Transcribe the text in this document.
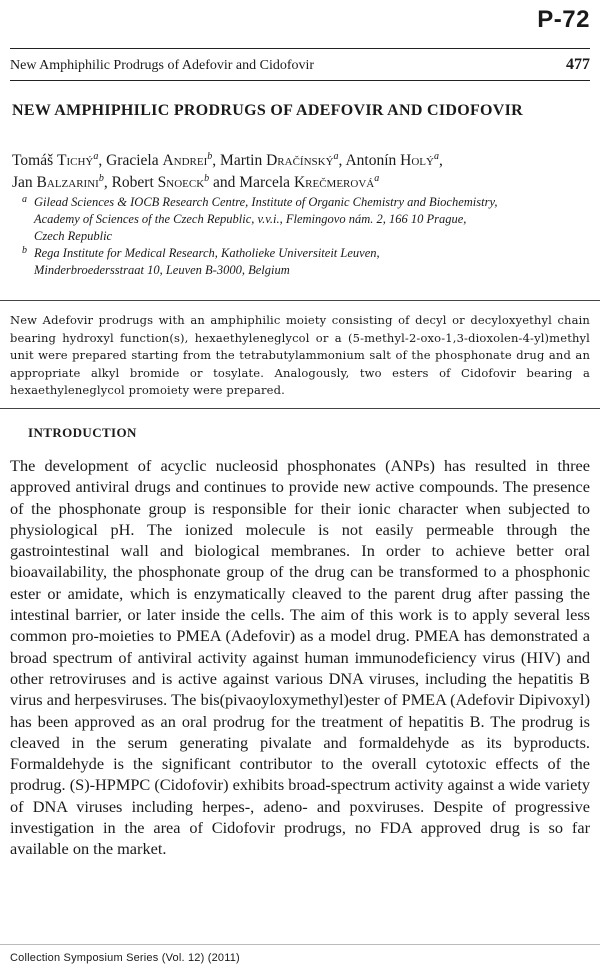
P-72
New Amphiphilic Prodrugs of Adefovir and Cidofovir	477
NEW AMPHIPHILIC PRODRUGS OF ADEFOVIR AND CIDOFOVIR
Tomáš Tichý$^a$, Graciela Andrei$^b$, Martin Dračínský$^a$, Antonín Holý$^a$,
Jan Balzarini$^b$, Robert Snoeck$^b$ and Marcela Krečmerová$^a$
a Gilead Sciences & IOCB Research Centre, Institute of Organic Chemistry and Biochemistry,
Academy of Sciences of the Czech Republic, v.v.i., Flemingovo nám. 2, 166 10 Prague,
Czech Republic
b Rega Institute for Medical Research, Katholieke Universiteit Leuven,
Minderbroedersstraat 10, Leuven B-3000, Belgium
New Adefovir prodrugs with an amphiphilic moiety consisting of decyl or decyloxyethyl chain bearing hydroxyl function(s), hexaethyleneglycol or a (5-methyl-2-oxo-1,3-dioxolen-4-yl)methyl unit were prepared starting from the tetrabutylammonium salt of the phosphonate drug and an appropriate alkyl bromide or tosylate. Analogously, two esters of Cidofovir bearing a hexaethyleneglycol promoiety were prepared.
INTRODUCTION
The development of acyclic nucleosid phosphonates (ANPs) has resulted in three approved antiviral drugs and continues to provide new active compounds. The presence of the phosphonate group is responsible for their ionic character when subjected to physiological pH. The ionized molecule is not easily permeable through the gastrointestinal wall and biological membranes. In order to achieve better oral bioavailability, the phosphonate group of the drug can be transformed to a phosphonic ester or amidate, which is enzymatically cleaved to the parent drug after passing the intestinal barrier, or later inside the cells. The aim of this work is to apply several less common pro-moieties to PMEA (Adefovir) as a model drug. PMEA has demonstrated a broad spectrum of antiviral activity against human immunodeficiency virus (HIV) and other retroviruses and is active against various DNA viruses, including the hepatitis B virus and herpesviruses. The bis(pivaoyloxymethyl)ester of PMEA (Adefovir Dipivoxyl) has been approved as an oral prodrug for the treatment of hepatitis B. The prodrug is cleaved in the serum generating pivalate and formaldehyde as its byproducts. Formaldehyde is the significant contributor to the overall cytotoxic effects of the prodrug. (S)-HPMPC (Cidofovir) exhibits broad-spectrum activity against a wide variety of DNA viruses including herpes-, adeno- and poxviruses. Despite of progressive investigation in the area of Cidofovir prodrugs, no FDA approved drug is so far available on the market.
Collection Symposium Series (Vol. 12) (2011)
